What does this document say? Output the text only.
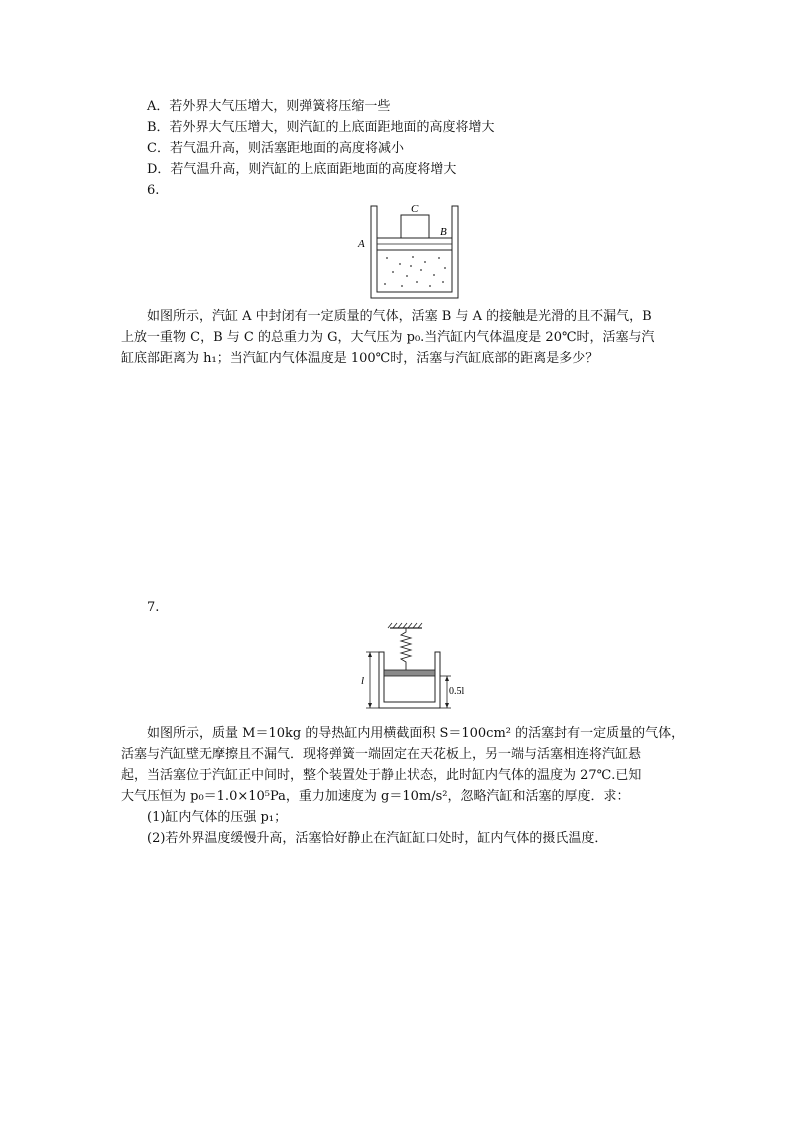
A．若外界大气压增大，则弹簧将压缩一些
B．若外界大气压增大，则汽缸的上底面距地面的高度将增大
C．若气温升高，则活塞距地面的高度将减小
D．若气温升高，则汽缸的上底面距地面的高度将增大
6.
C
B
A
如图所示，汽缸 A 中封闭有一定质量的气体，活塞 B 与 A 的接触是光滑的且不漏气，B
上放一重物 C，B 与 C 的总重力为 G，大气压为 p₀.当汽缸内气体温度是 20℃时，活塞与汽
缸底部距离为 h₁；当汽缸内气体温度是 100℃时，活塞与汽缸底部的距离是多少？
7.
l
0.5l
如图所示，质量 M＝10kg 的导热缸内用横截面积 S＝100cm² 的活塞封有一定质量的气体，
活塞与汽缸壁无摩擦且不漏气．现将弹簧一端固定在天花板上，另一端与活塞相连将汽缸悬
起，当活塞位于汽缸正中间时，整个装置处于静止状态，此时缸内气体的温度为 27℃.已知
大气压恒为 p₀＝1.0×10⁵Pa，重力加速度为 g＝10m/s²，忽略汽缸和活塞的厚度．求：
(1)缸内气体的压强 p₁；
(2)若外界温度缓慢升高，活塞恰好静止在汽缸缸口处时，缸内气体的摄氏温度．
